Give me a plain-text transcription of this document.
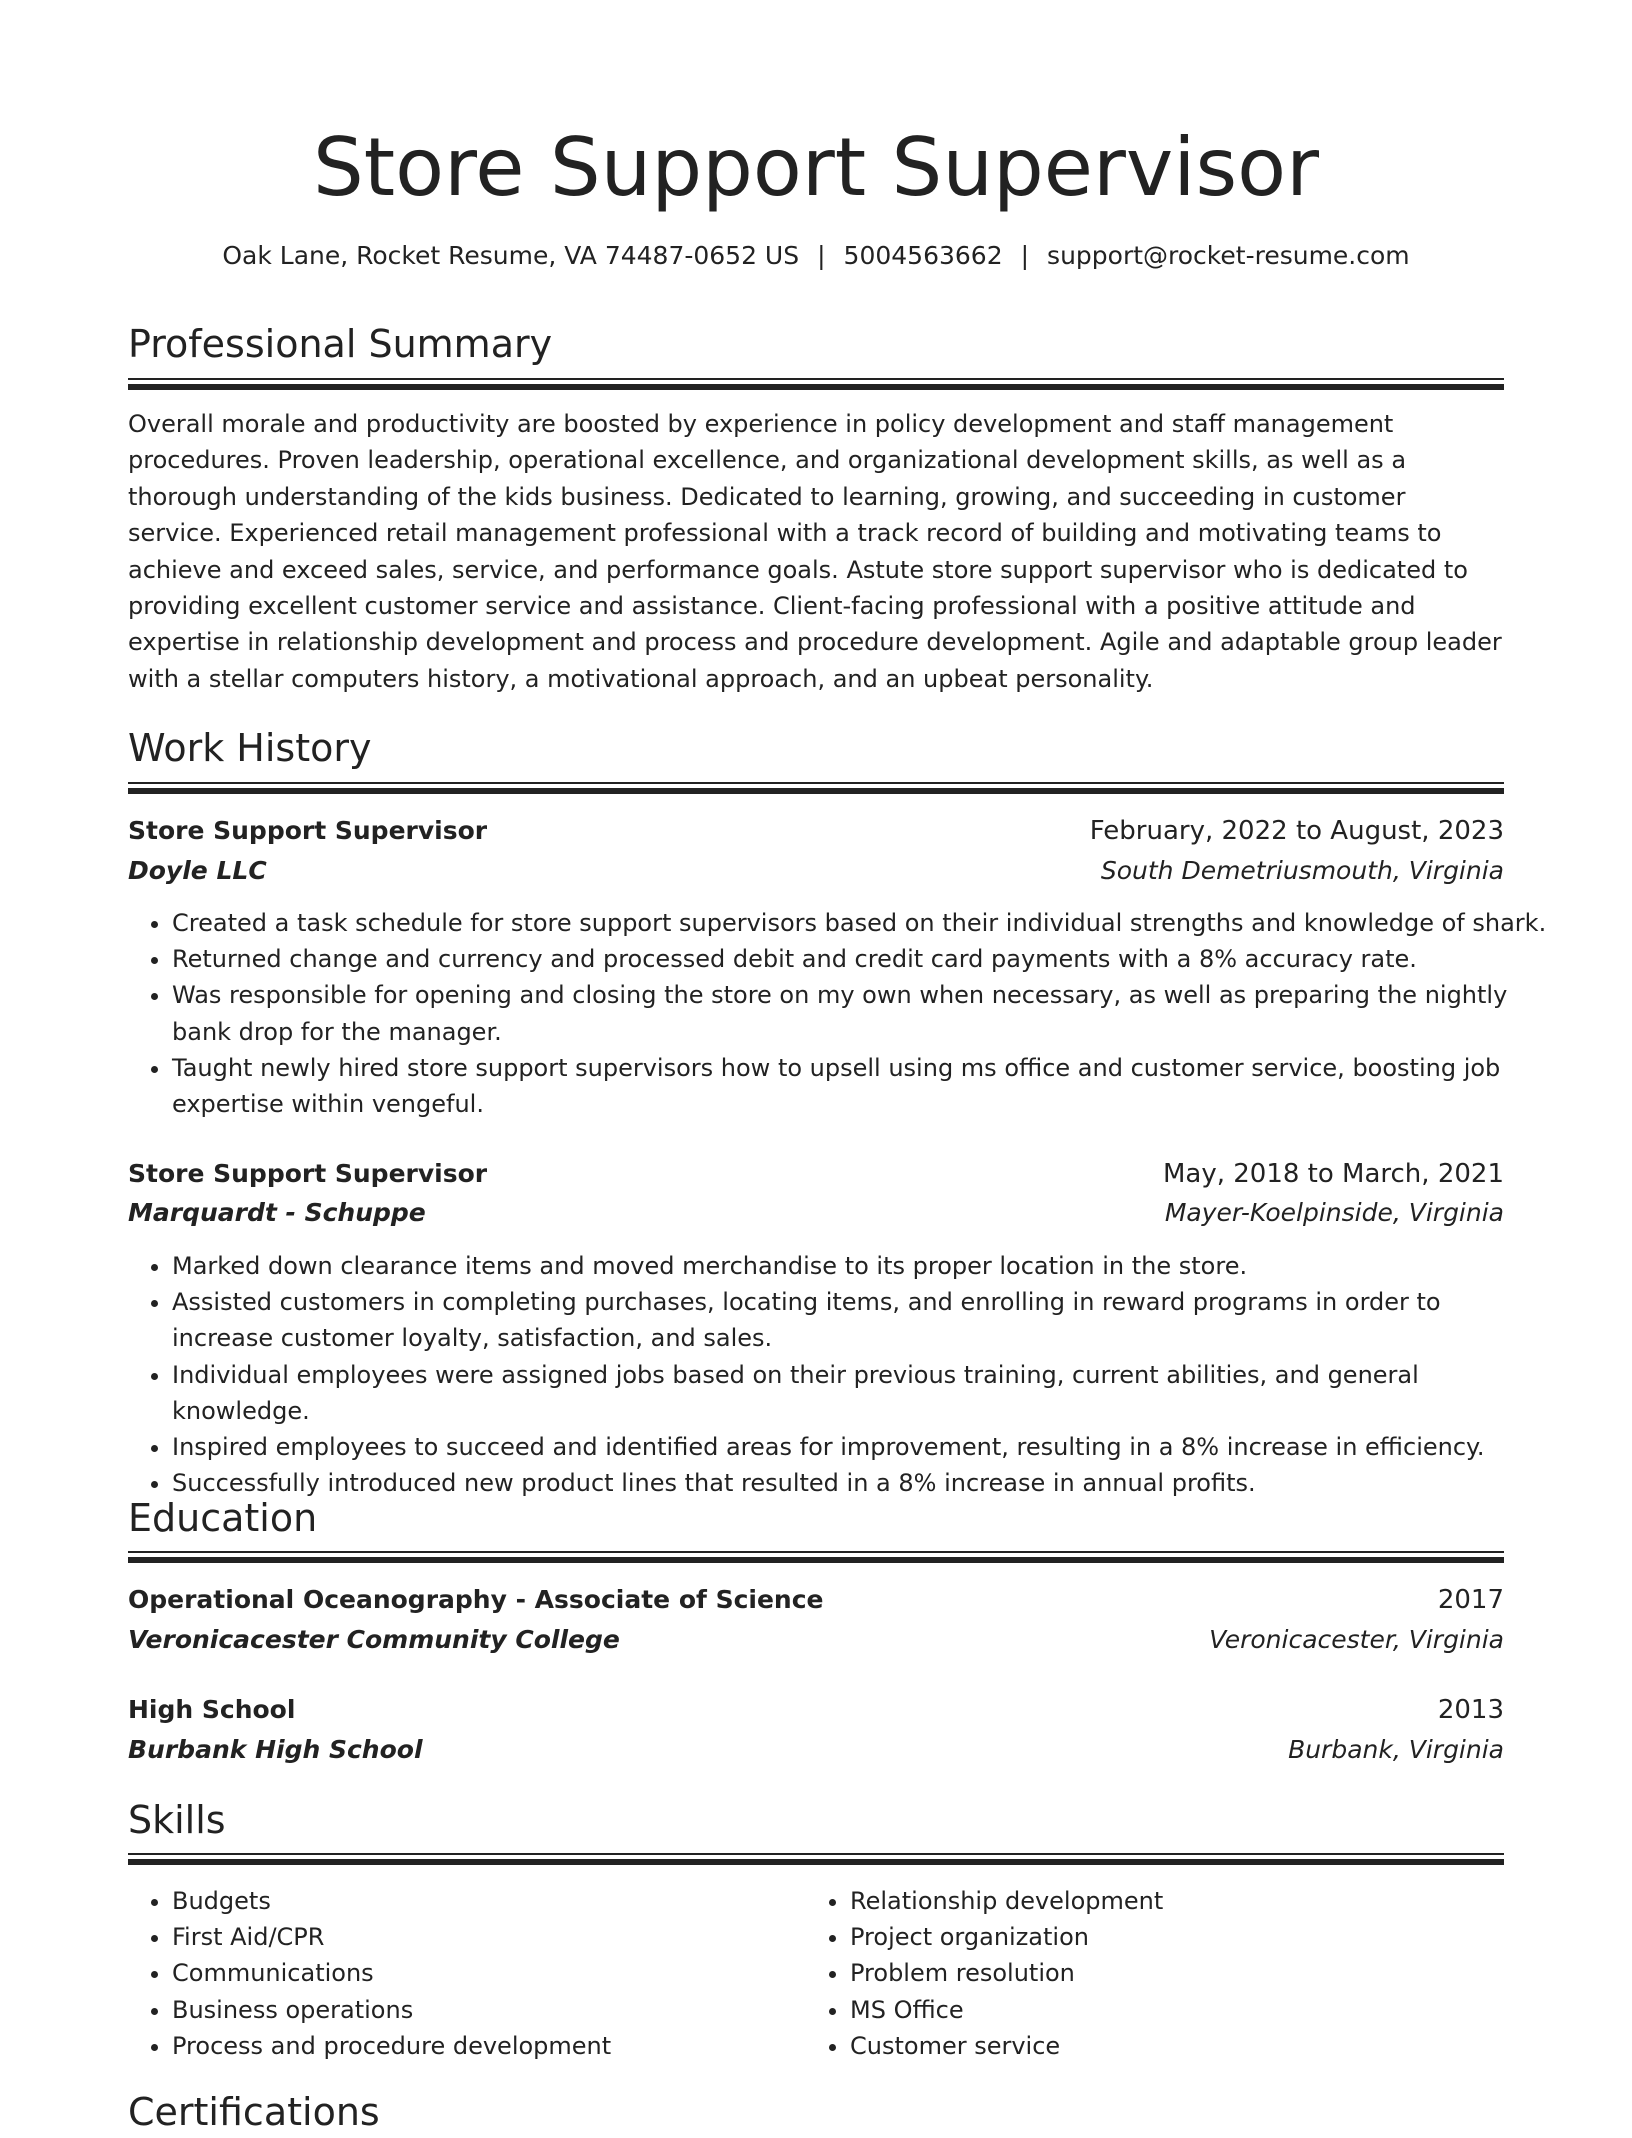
Store Support Supervisor
Oak Lane, Rocket Resume, VA 74487-0652 US | 5004563662 | support@rocket-resume.com
Professional Summary

Overall morale and productivity are boosted by experience in policy development and staff management procedures. Proven leadership, operational excellence, and organizational development skills, as well as a thorough understanding of the kids business. Dedicated to learning, growing, and succeeding in customer service. Experienced retail management professional with a track record of building and motivating teams to achieve and exceed sales, service, and performance goals. Astute store support supervisor who is dedicated to providing excellent customer service and assistance. Client-facing professional with a positive attitude and expertise in relationship development and process and procedure development. Agile and adaptable group leader with a stellar computers history, a motivational approach, and an upbeat personality.

Work History
Store Support Supervisor	February, 2022 to August, 2023
Doyle LLC	South Demetriusmouth, Virginia
• Created a task schedule for store support supervisors based on their individual strengths and knowledge of shark.
• Returned change and currency and processed debit and credit card payments with a 8% accuracy rate.
• Was responsible for opening and closing the store on my own when necessary, as well as preparing the nightly bank drop for the manager.
• Taught newly hired store support supervisors how to upsell using ms office and customer service, boosting job expertise within vengeful.
Store Support Supervisor	May, 2018 to March, 2021
Marquardt - Schuppe	Mayer-Koelpinside, Virginia
• Marked down clearance items and moved merchandise to its proper location in the store.
• Assisted customers in completing purchases, locating items, and enrolling in reward programs in order to increase customer loyalty, satisfaction, and sales.
• Individual employees were assigned jobs based on their previous training, current abilities, and general knowledge.
• Inspired employees to succeed and identified areas for improvement, resulting in a 8% increase in efficiency.
• Successfully introduced new product lines that resulted in a 8% increase in annual profits.
Education
Operational Oceanography - Associate of Science	2017
Veronicacester Community College	Veronicacester, Virginia
High School	2013
Burbank High School	Burbank, Virginia
Skills
• Budgets
• First Aid/CPR
• Communications
• Business operations
• Process and procedure development
• Relationship development
• Project organization
• Problem resolution
• MS Office
• Customer service
Certifications
